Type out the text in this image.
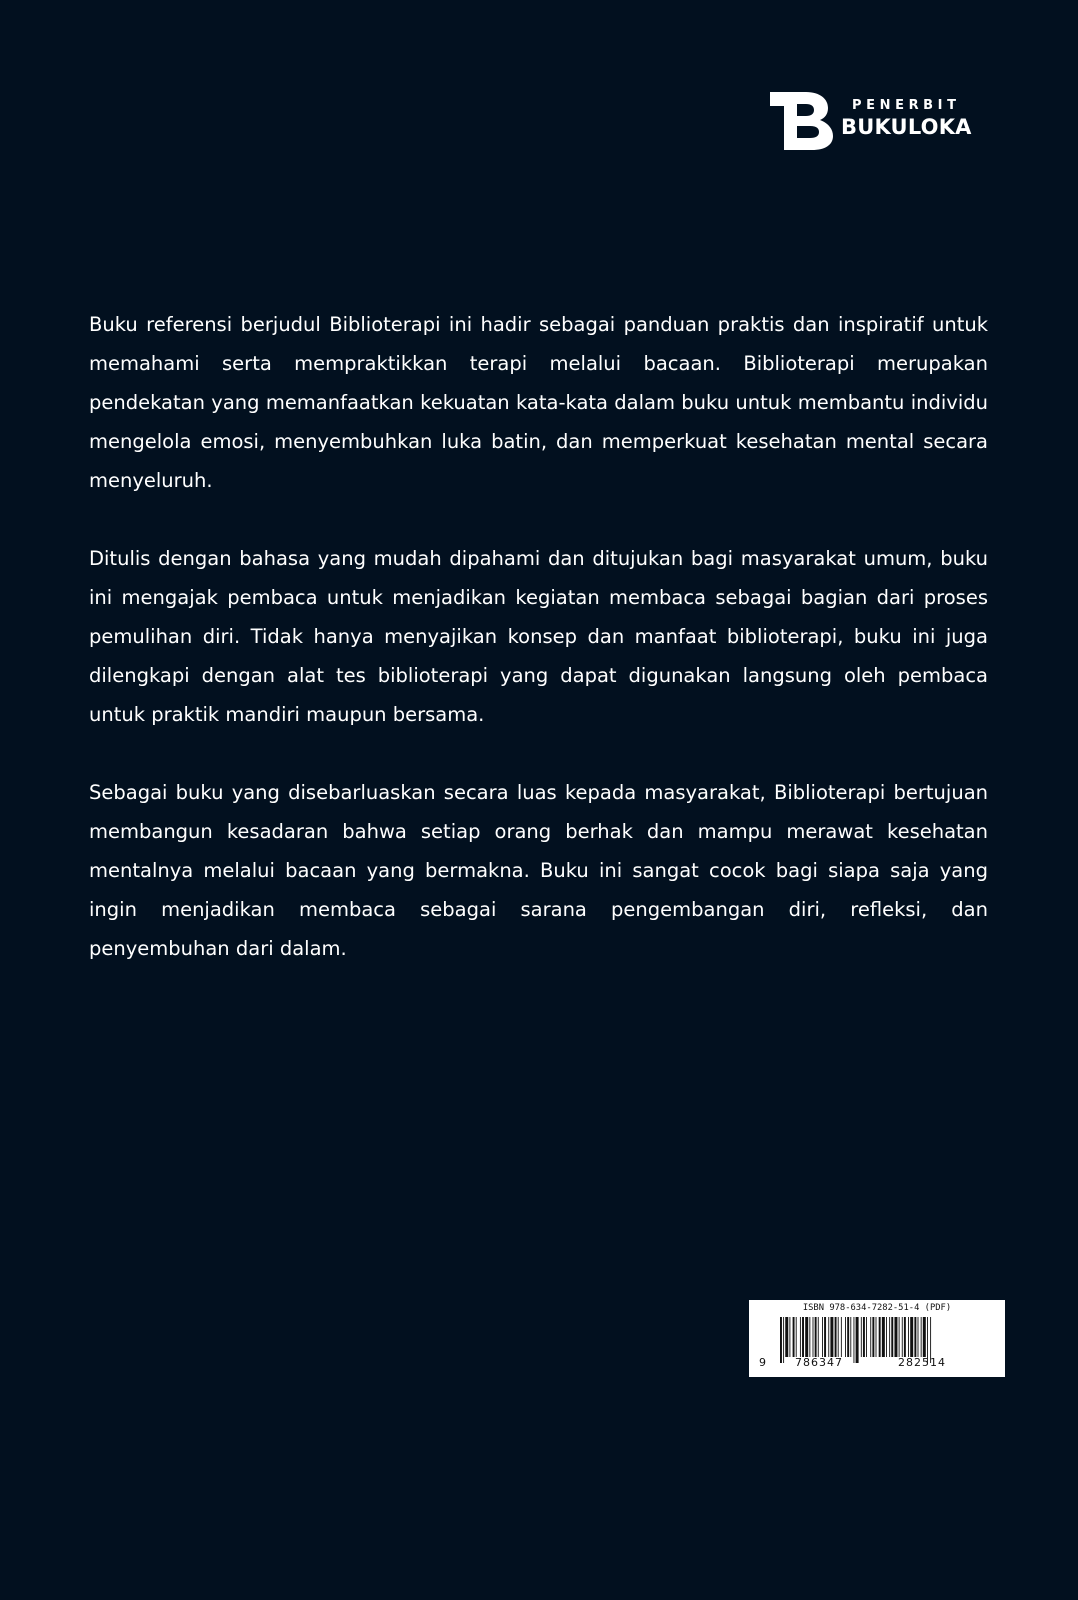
PENERBIT
BUKULOKA

Buku referensi berjudul Biblioterapi ini hadir sebagai panduan praktis dan inspiratif untuk memahami serta mempraktikkan terapi melalui bacaan. Biblioterapi merupakan pendekatan yang memanfaatkan kekuatan kata-kata dalam buku untuk membantu individu mengelola emosi, menyembuhkan luka batin, dan memperkuat kesehatan mental secara menyeluruh.

Ditulis dengan bahasa yang mudah dipahami dan ditujukan bagi masyarakat umum, buku ini mengajak pembaca untuk menjadikan kegiatan membaca sebagai bagian dari proses pemulihan diri. Tidak hanya menyajikan konsep dan manfaat biblioterapi, buku ini juga dilengkapi dengan alat tes biblioterapi yang dapat digunakan langsung oleh pembaca untuk praktik mandiri maupun bersama.

Sebagai buku yang disebarluaskan secara luas kepada masyarakat, Biblioterapi bertujuan membangun kesadaran bahwa setiap orang berhak dan mampu merawat kesehatan mentalnya melalui bacaan yang bermakna. Buku ini sangat cocok bagi siapa saja yang ingin menjadikan membaca sebagai sarana pengembangan diri, refleksi, dan penyembuhan dari dalam.

ISBN 978-634-7282-51-4 (PDF)
9	786347	282514
